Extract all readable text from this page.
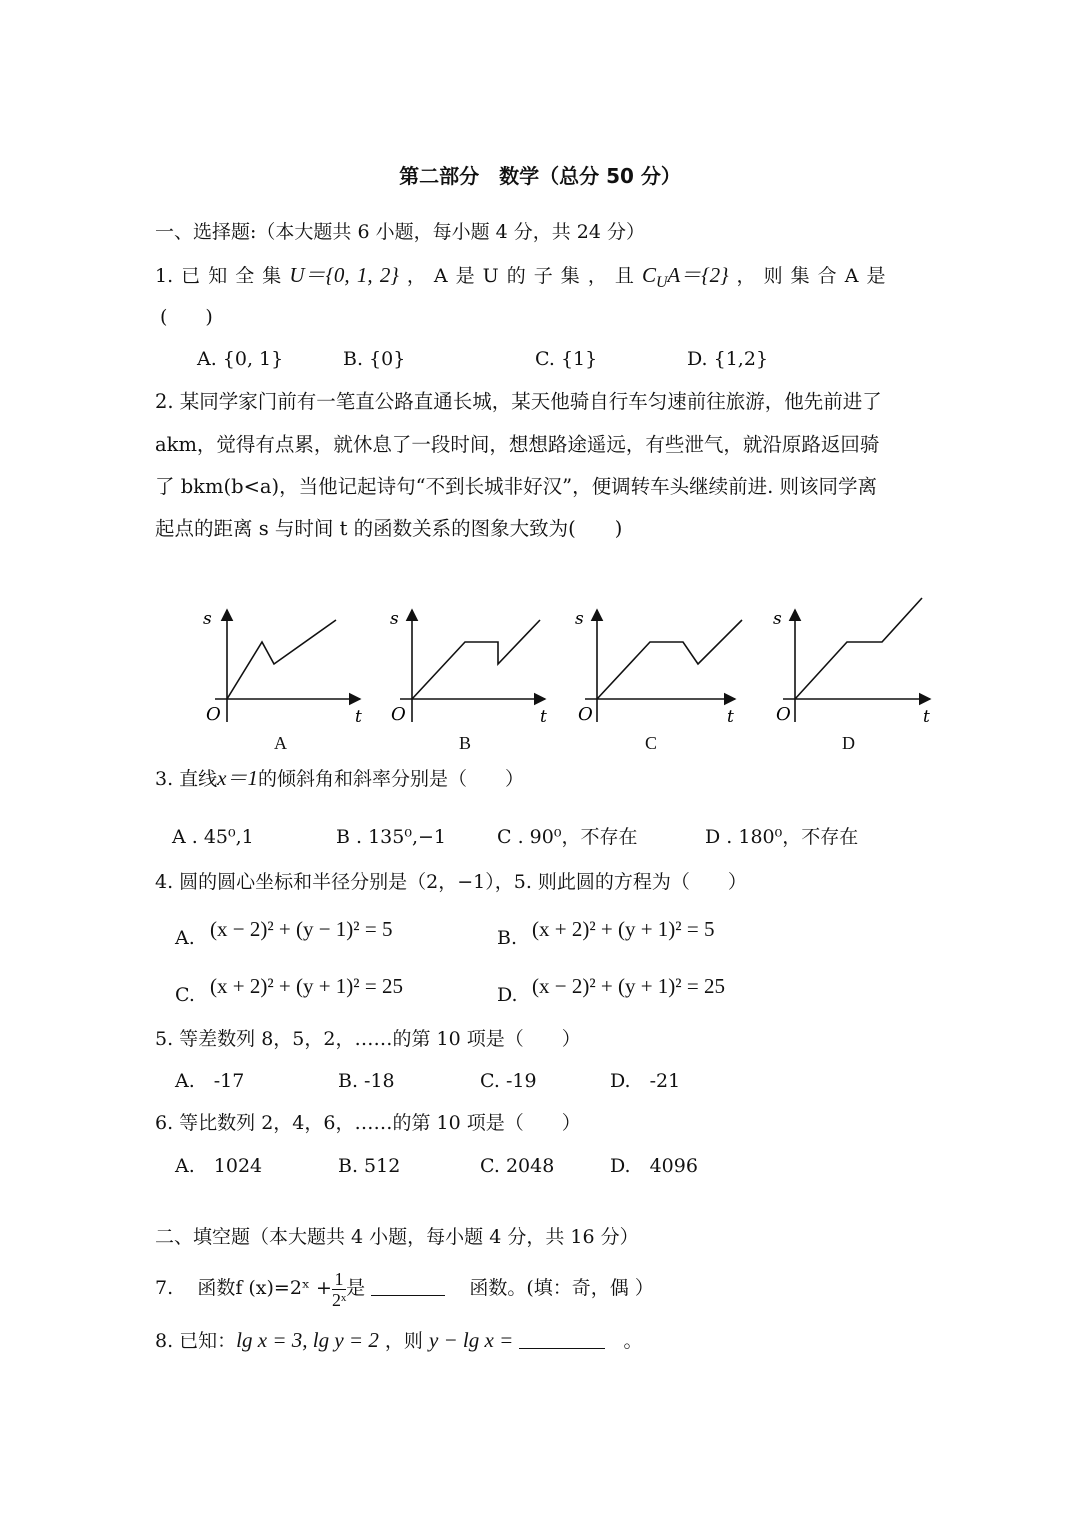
第二部分　数学（总分 50 分）
一、选择题:（本大题共 6 小题，每小题 4 分，共 24 分）
1. 已 知 全 集 U＝{0, 1, 2} ， A 是 U 的 子 集 ， 且 $C_UA=\{2\}$ ， 则 集 合 A 是
(　　)
A. {0, 1}	B. {0}	C. {1}	D. {1,2}
2. 某同学家门前有一笔直公路直通长城，某天他骑自行车匀速前往旅游，他先前进了
akm，觉得有点累，就休息了一段时间，想想路途遥远，有些泄气，就沿原路返回骑
了 bkm(b<a)，当他记起诗句“不到长城非好汉”，便调转车头继续前进. 则该同学离
起点的距离 s 与时间 t 的函数关系的图象大致为(　　)
s
O	t
s
O	t
s
O	t
s
O	t
A	B	C	D
3. 直线x＝1的倾斜角和斜率分别是（　　）
A . 45⁰,1	B . 135⁰,−1	C . 90⁰，不存在	D . 180⁰，不存在
4. 圆的圆心坐标和半径分别是（2，−1），5. 则此圆的方程为（　　）
A. (x − 2)² + (y − 1)² = 5	B. (x + 2)² + (y + 1)² = 5
C. (x + 2)² + (y + 1)² = 25	D. (x − 2)² + (y + 1)² = 25
5. 等差数列 8，5，2，……的第 10 项是（　　）
A.　-17	B. -18	C. -19	D.　-21
6. 等比数列 2，4，6，……的第 10 项是（　　）
A.　1024	B. 512	C. 2048	D.　4096
二、填空题（本大题共 4 小题，每小题 4 分，共 16 分）
7. 函数f (x)=2ˣ + $\frac{1}{\text{2ˣ}}$ 是	函数。(填：奇，偶 ）
8. 已知：lg x = 3, lg y = 2 ，则 y − lg x =	。
